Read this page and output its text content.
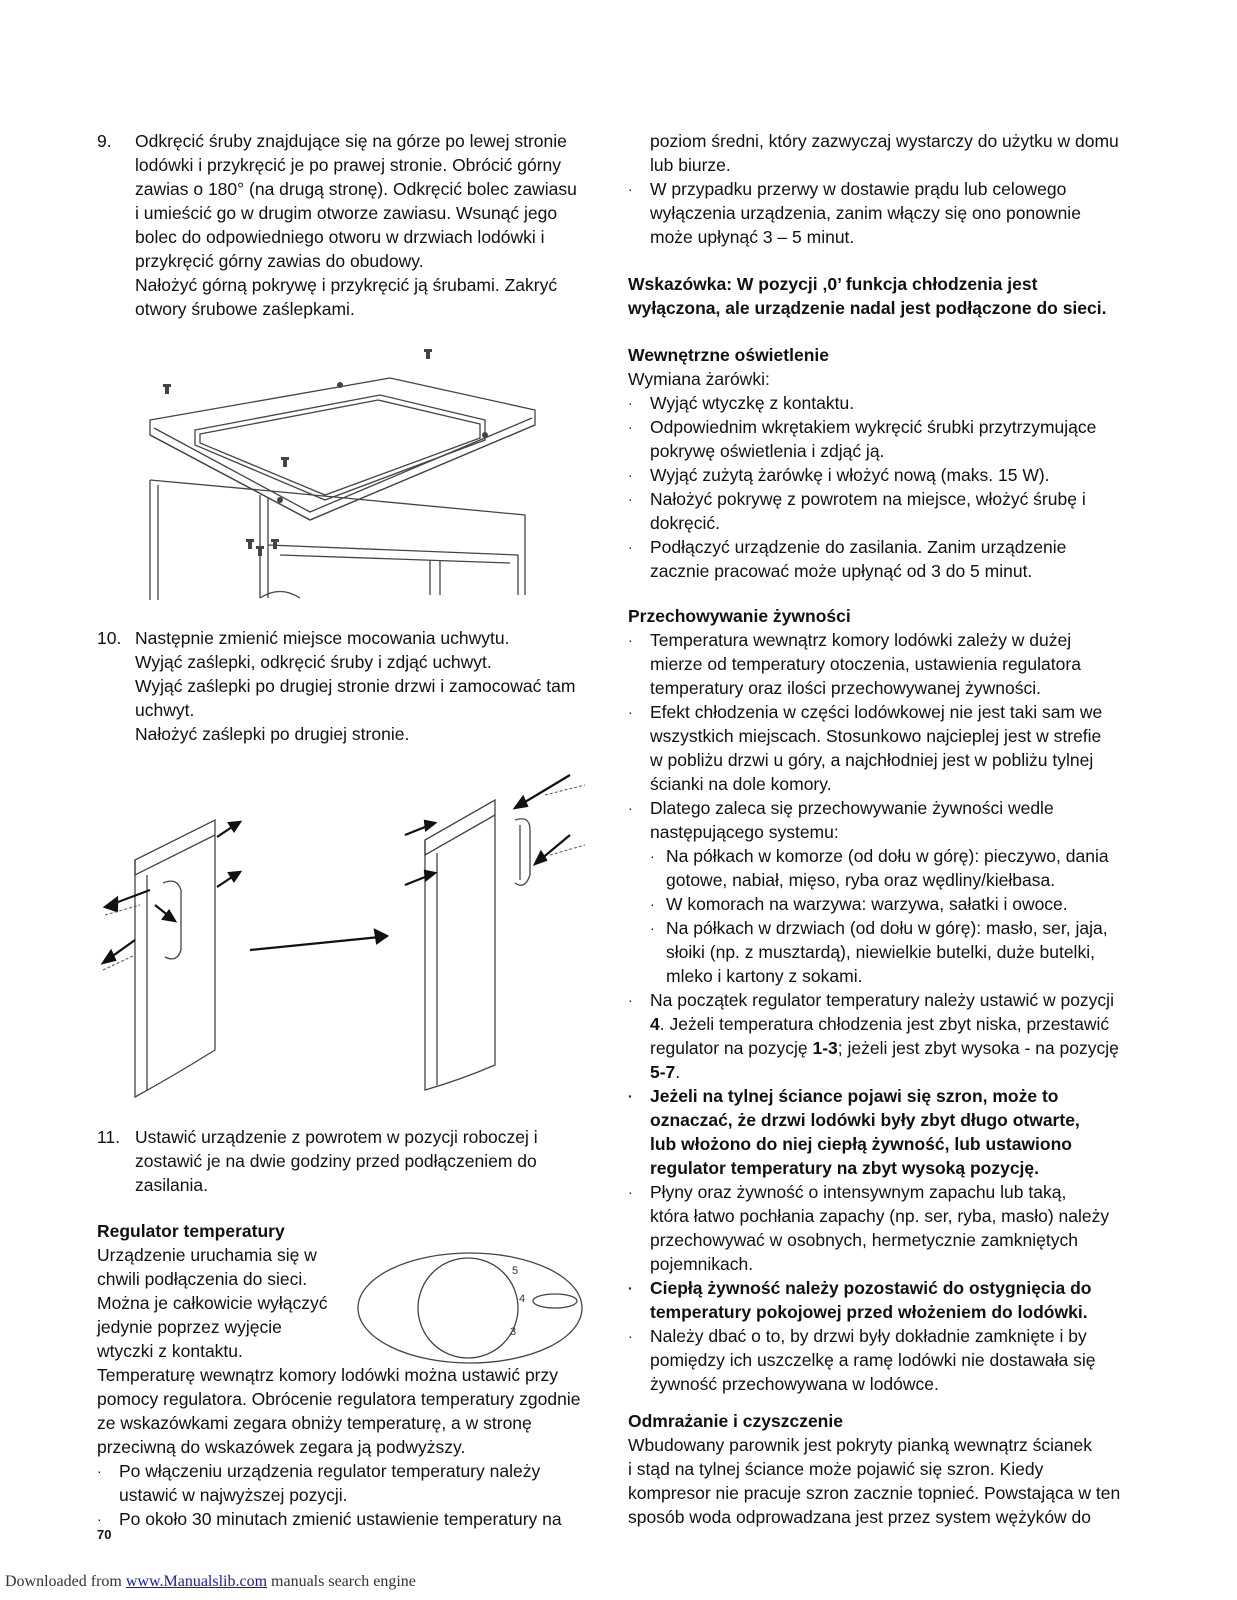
9. Odkręcić śruby znajdujące się na górze po lewej stronie
lodówki i przykręcić je po prawej stronie. Obrócić górny
zawias o 180° (na drugą stronę). Odkręcić bolec zawiasu
i umieścić go w drugim otworze zawiasu. Wsunąć jego
bolec do odpowiedniego otworu w drzwiach lodówki i
przykręcić górny zawias do obudowy.
Nałożyć górną pokrywę i przykręcić ją śrubami. Zakryć
otwory śrubowe zaślepkami.
10. Następnie zmienić miejsce mocowania uchwytu.
Wyjąć zaślepki, odkręcić śruby i zdjąć uchwyt.
Wyjąć zaślepki po drugiej stronie drzwi i zamocować tam
uchwyt.
Nałożyć zaślepki po drugiej stronie.
11. Ustawić urządzenie z powrotem w pozycji roboczej i
zostawić je na dwie godziny przed podłączeniem do
zasilania.
Regulator temperatury
Urządzenie uruchamia się w
chwili podłączenia do sieci.
Można je całkowicie wyłączyć
jedynie poprzez wyjęcie
wtyczki z kontaktu.
Temperaturę wewnątrz komory lodówki można ustawić przy
pomocy regulatora. Obrócenie regulatora temperatury zgodnie
ze wskazówkami zegara obniży temperaturę, a w stronę
przeciwną do wskazówek zegara ją podwyższy.
· Po włączeniu urządzenia regulator temperatury należy
ustawić w najwyższej pozycji.
· Po około 30 minutach zmienić ustawienie temperatury na
5
4
3
70
poziom średni, który zazwyczaj wystarczy do użytku w domu
lub biurze.
· W przypadku przerwy w dostawie prądu lub celowego
wyłączenia urządzenia, zanim włączy się ono ponownie
może upłynąć 3 – 5 minut.
Wskazówka: W pozycji ‚0’ funkcja chłodzenia jest
wyłączona, ale urządzenie nadal jest podłączone do sieci.
Wewnętrzne oświetlenie
Wymiana żarówki:
· Wyjąć wtyczkę z kontaktu.
· Odpowiednim wkrętakiem wykręcić śrubki przytrzymujące
pokrywę oświetlenia i zdjąć ją.
· Wyjąć zużytą żarówkę i włożyć nową (maks. 15 W).
· Nałożyć pokrywę z powrotem na miejsce, włożyć śrubę i
dokręcić.
· Podłączyć urządzenie do zasilania. Zanim urządzenie
zacznie pracować może upłynąć od 3 do 5 minut.
Przechowywanie żywności
· Temperatura wewnątrz komory lodówki zależy w dużej
mierze od temperatury otoczenia, ustawienia regulatora
temperatury oraz ilości przechowywanej żywności.
· Efekt chłodzenia w części lodówkowej nie jest taki sam we
wszystkich miejscach. Stosunkowo najcieplej jest w strefie
w pobliżu drzwi u góry, a najchłodniej jest w pobliżu tylnej
ścianki na dole komory.
· Dlatego zaleca się przechowywanie żywności wedle
następującego systemu:
· Na półkach w komorze (od dołu w górę): pieczywo, dania
gotowe, nabiał, mięso, ryba oraz wędliny/kiełbasa.
· W komorach na warzywa: warzywa, sałatki i owoce.
· Na półkach w drzwiach (od dołu w górę): masło, ser, jaja,
słoiki (np. z musztardą), niewielkie butelki, duże butelki,
mleko i kartony z sokami.
· Na początek regulator temperatury należy ustawić w pozycji
4. Jeżeli temperatura chłodzenia jest zbyt niska, przestawić
regulator na pozycję 1-3; jeżeli jest zbyt wysoka - na pozycję
5-7.
· Jeżeli na tylnej ściance pojawi się szron, może to
oznaczać, że drzwi lodówki były zbyt długo otwarte,
lub włożono do niej ciepłą żywność, lub ustawiono
regulator temperatury na zbyt wysoką pozycję.
· Płyny oraz żywność o intensywnym zapachu lub taką,
która łatwo pochłania zapachy (np. ser, ryba, masło) należy
przechowywać w osobnych, hermetycznie zamkniętych
pojemnikach.
· Ciepłą żywność należy pozostawić do ostygnięcia do
temperatury pokojowej przed włożeniem do lodówki.
· Należy dbać o to, by drzwi były dokładnie zamknięte i by
pomiędzy ich uszczelkę a ramę lodówki nie dostawała się
żywność przechowywana w lodówce.
Odmrażanie i czyszczenie
Wbudowany parownik jest pokryty pianką wewnątrz ścianek
i stąd na tylnej ściance może pojawić się szron. Kiedy
kompresor nie pracuje szron zacznie topnieć. Powstająca w ten
sposób woda odprowadzana jest przez system wężyków do
Downloaded from www.Manualslib.com manuals search engine
